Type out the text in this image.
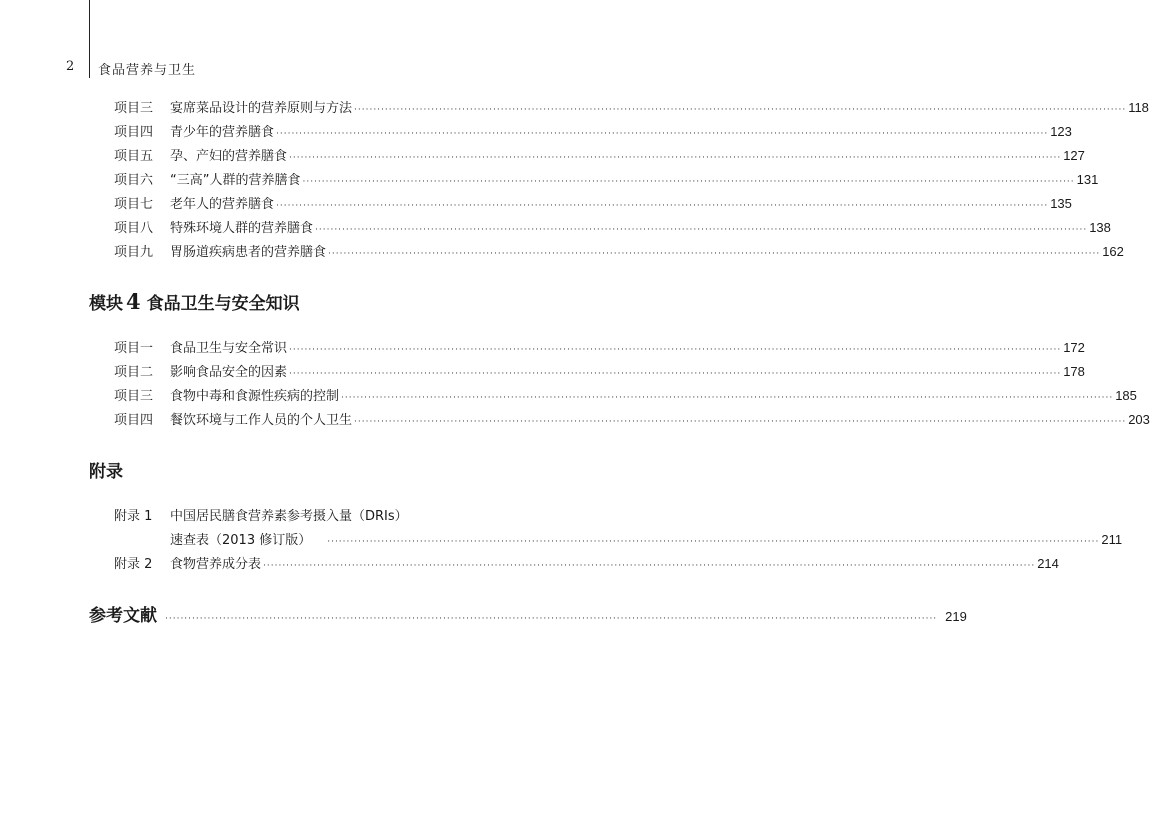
2 食品营养与卫生
项目三	宴席菜品设计的营养原则与方法 ········································································································································································································ 118
项目四	青少年的营养膳食 ········································································································································································································ 123
项目五	孕、产妇的营养膳食 ········································································································································································································ 127
项目六	“三高”人群的营养膳食 ········································································································································································································ 131
项目七	老年人的营养膳食 ········································································································································································································ 135
项目八	特殊环境人群的营养膳食 ········································································································································································································ 138
项目九	胃肠道疾病患者的营养膳食 ········································································································································································································ 162
模块 4 食品卫生与安全知识
项目一	食品卫生与安全常识 ········································································································································································································ 172
项目二	影响食品安全的因素 ········································································································································································································ 178
项目三	食物中毒和食源性疾病的控制 ········································································································································································································ 185
项目四	餐饮环境与工作人员的个人卫生 ········································································································································································································ 203
附录
附录 1	中国居民膳食营养素参考摄入量（DRIs）
速查表（2013 修订版） ········································································································································································································ 211
附录 2	食物营养成分表 ········································································································································································································ 214
参考文献 ········································································································································································································ 219
